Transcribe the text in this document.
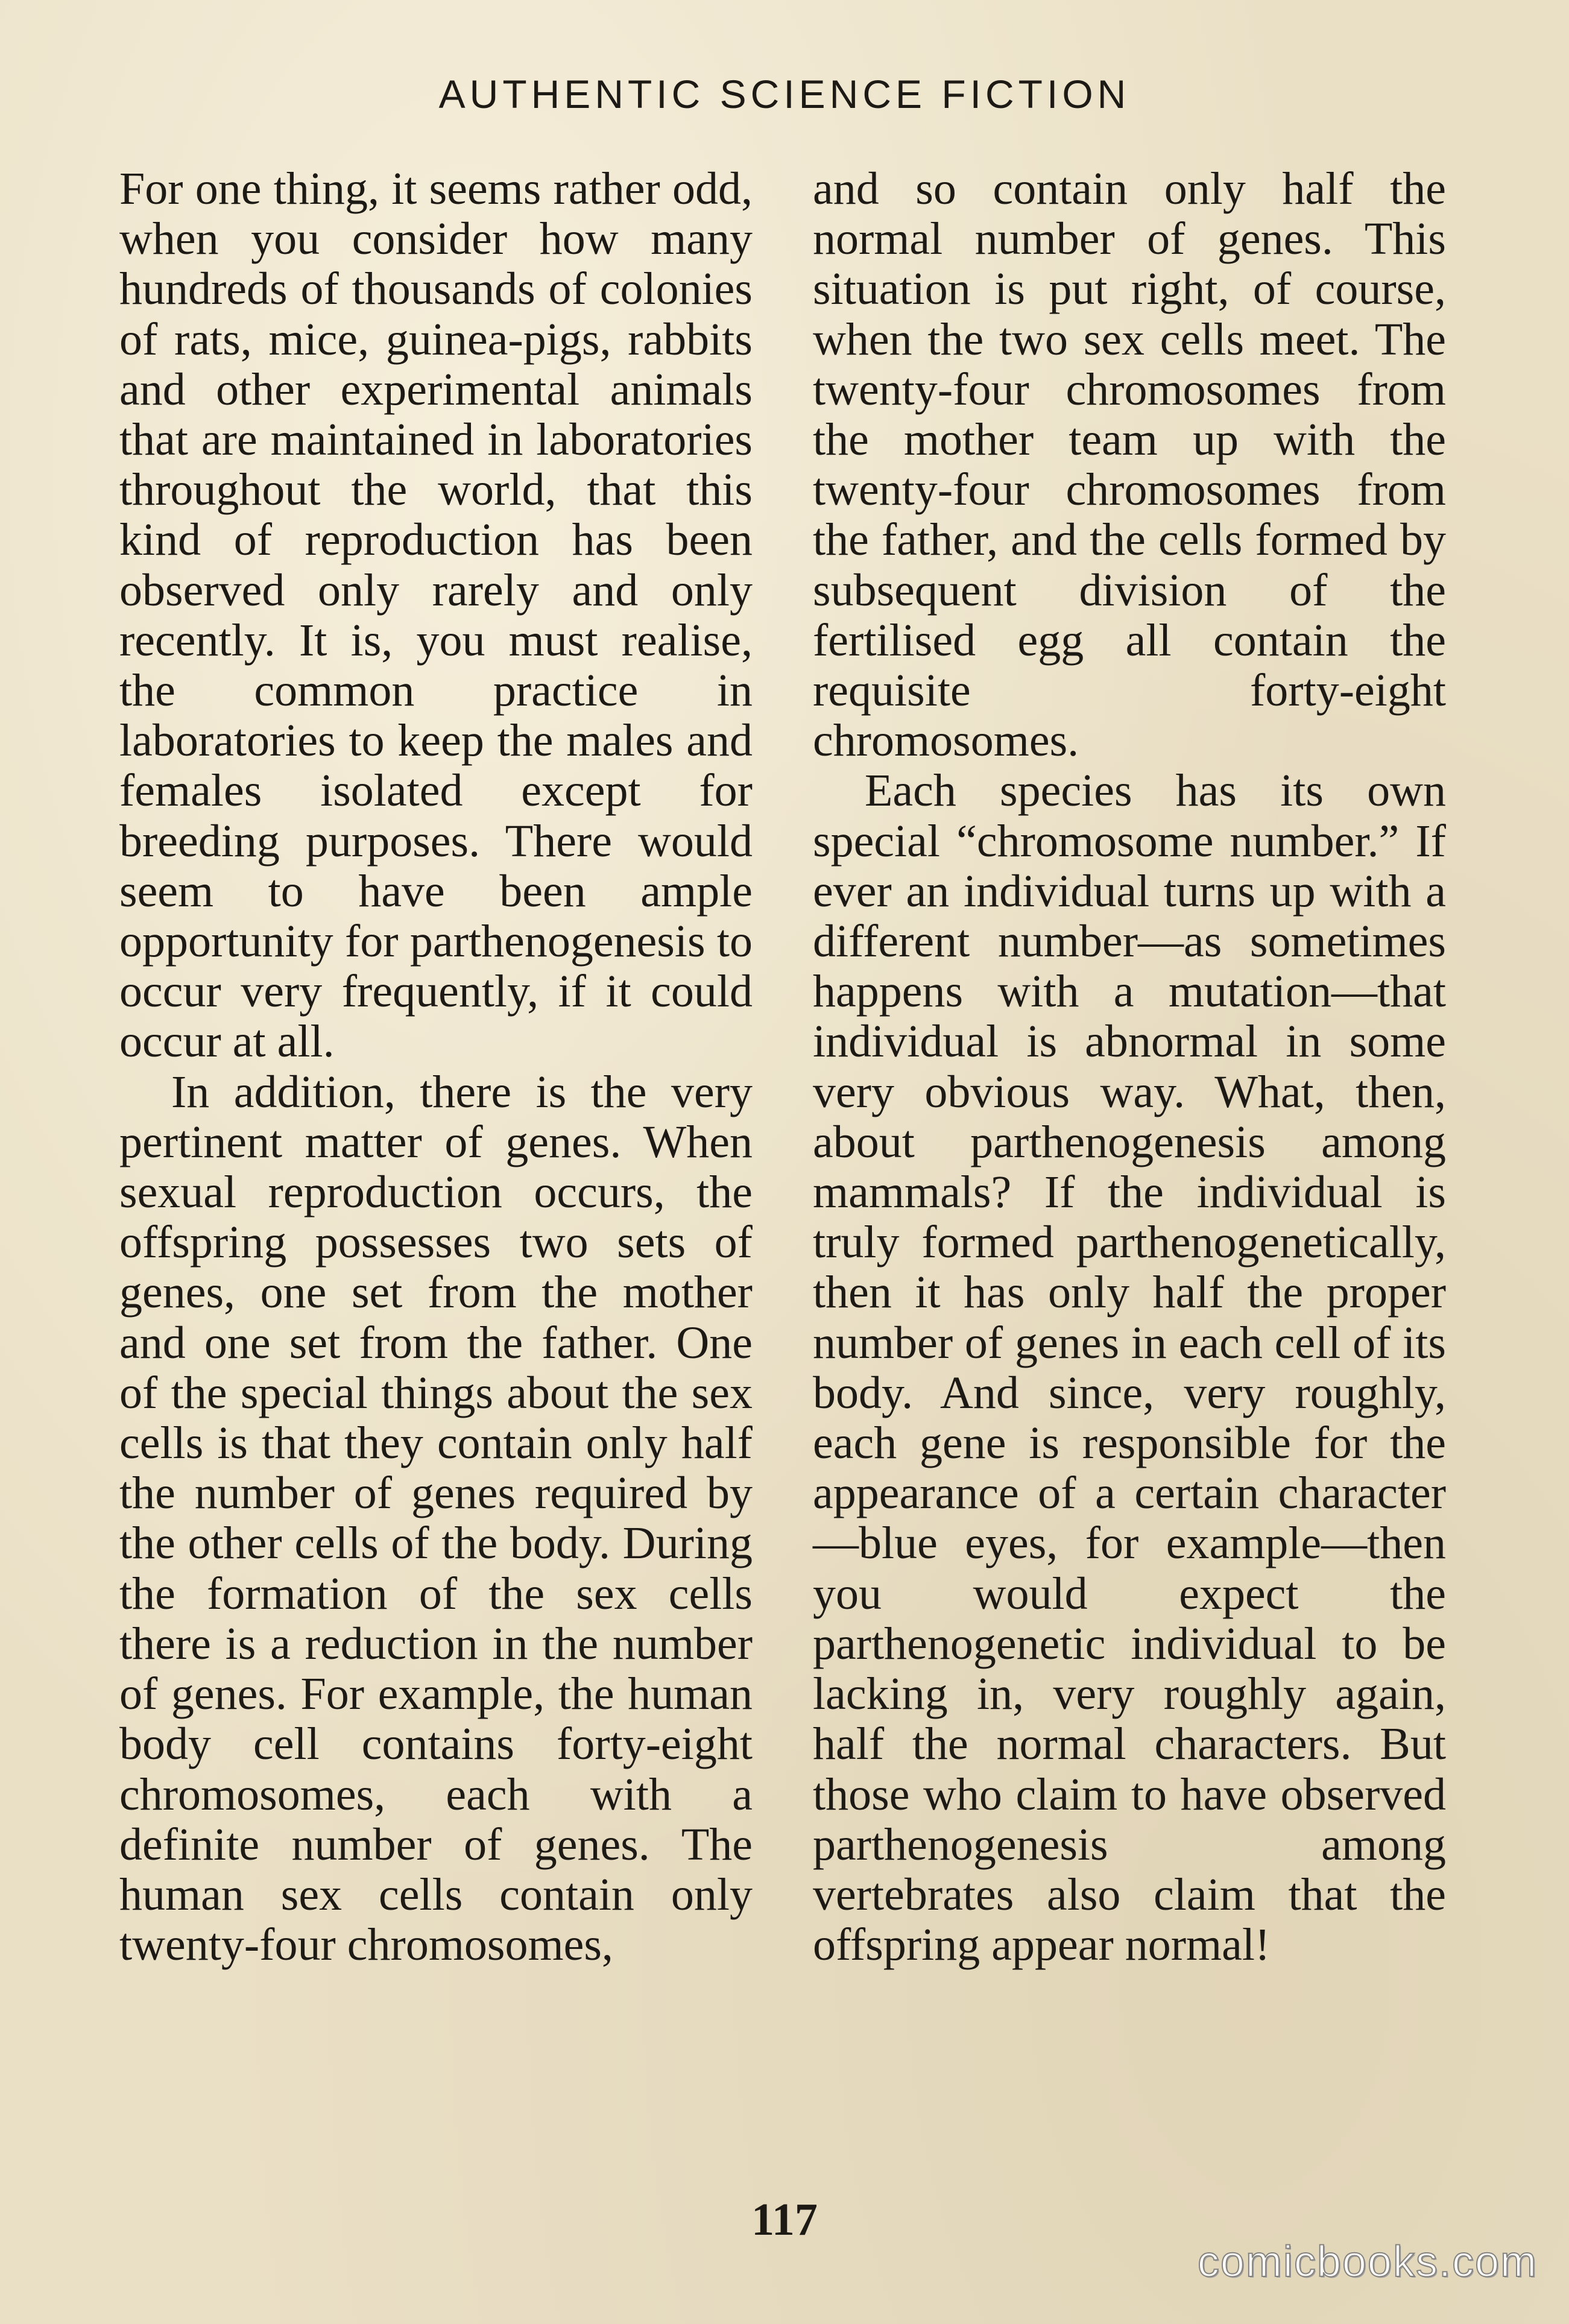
AUTHENTIC SCIENCE FICTION

For one thing, it seems rather odd, when you consider how many hundreds of thousands of colonies of rats, mice, guinea-pigs, rabbits and other experimental animals that are maintained in laboratories throughout the world, that this kind of reproduction has been observed only rarely and only recently. It is, you must realise, the common practice in laboratories to keep the males and females isolated except for breeding purposes. There would seem to have been ample opportunity for parthenogenesis to occur very frequently, if it could occur at all.

In addition, there is the very pertinent matter of genes. When sexual reproduction occurs, the offspring possesses two sets of genes, one set from the mother and one set from the father. One of the special things about the sex cells is that they contain only half the number of genes required by the other cells of the body. During the formation of the sex cells there is a reduction in the number of genes. For example, the human body cell contains forty-eight chromosomes, each with a definite number of genes. The human sex cells contain only twenty-four chromosomes,

and so contain only half the normal number of genes. This situation is put right, of course, when the two sex cells meet. The twenty-four chromosomes from the mother team up with the twenty-four chromosomes from the father, and the cells formed by subsequent division of the fertilised egg all contain the requisite forty-eight chromosomes.

Each species has its own special “chromosome number.” If ever an individual turns up with a different number—as sometimes happens with a mutation—that individual is abnormal in some very obvious way. What, then, about parthenogenesis among mammals? If the individual is truly formed parthenogenetically, then it has only half the proper number of genes in each cell of its body. And since, very roughly, each gene is responsible for the appearance of a certain character—blue eyes, for example—then you would expect the parthenogenetic individual to be lacking in, very roughly again, half the normal characters. But those who claim to have observed parthenogenesis among vertebrates also claim that the offspring appear normal!

117
comicbooks.com
